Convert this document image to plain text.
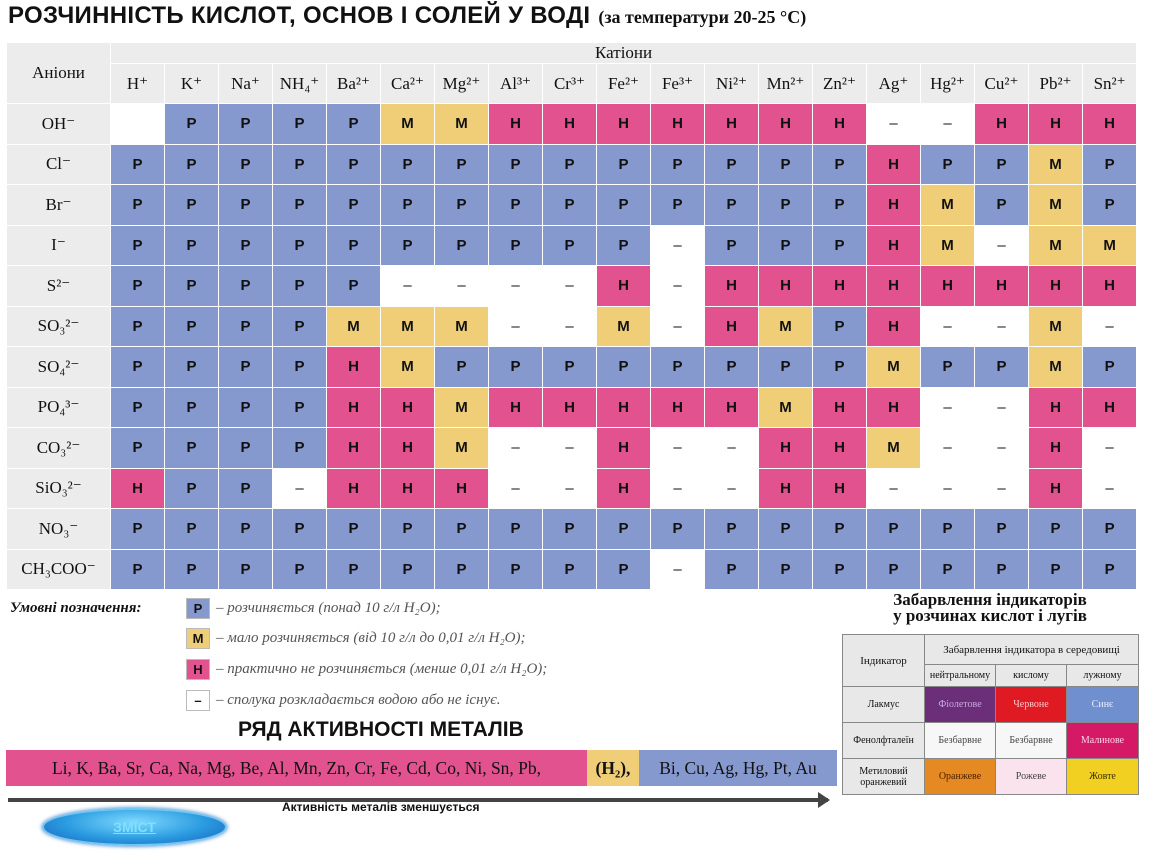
РОЗЧИННІСТЬ КИСЛОТ, ОСНОВ І СОЛЕЙ У ВОДІ (за температури 20-25 °С)
Аніони	Катіони																		
	H⁺	K⁺	Na⁺	NH₄⁺	Ba²⁺	Ca²⁺	Mg²⁺	Al³⁺	Cr³⁺	Fe²⁺	Fe³⁺	Ni²⁺	Mn²⁺	Zn²⁺	Ag⁺	Hg²⁺	Cu²⁺	Pb²⁺	Sn²⁺
OH⁻		Р	Р	Р	Р	М	М	Н	Н	Н	Н	Н	Н	Н	–	–	Н	Н	Н
Cl⁻	Р	Р	Р	Р	Р	Р	Р	Р	Р	Р	Р	Р	Р	Р	Н	Р	Р	М	Р
Br⁻	Р	Р	Р	Р	Р	Р	Р	Р	Р	Р	Р	Р	Р	Р	Н	М	Р	М	Р
I⁻	Р	Р	Р	Р	Р	Р	Р	Р	Р	Р	–	Р	Р	Р	Н	М	–	М	М
S²⁻	Р	Р	Р	Р	Р	–	–	–	–	Н	–	Н	Н	Н	Н	Н	Н	Н	Н
SO₃²⁻	Р	Р	Р	Р	М	М	М	–	–	М	–	Н	М	Р	Н	–	–	М	–
SO₄²⁻	Р	Р	Р	Р	Н	М	Р	Р	Р	Р	Р	Р	Р	Р	М	Р	Р	М	Р
PO₄³⁻	Р	Р	Р	Р	Н	Н	М	Н	Н	Н	Н	Н	М	Н	Н	–	–	Н	Н
CO₃²⁻	Р	Р	Р	Р	Н	Н	М	–	–	Н	–	–	Н	Н	М	–	–	Н	–
SiO₃²⁻	Н	Р	Р	–	Н	Н	Н	–	–	Н	–	–	Н	Н	–	–	–	Н	–
NO₃⁻	Р	Р	Р	Р	Р	Р	Р	Р	Р	Р	Р	Р	Р	Р	Р	Р	Р	Р	Р
CH₃COO⁻	Р	Р	Р	Р	Р	Р	Р	Р	Р	Р	–	Р	Р	Р	Р	Р	Р	Р	Р
Умовні позначення:	Р – розчиняється (понад 10 г/л H₂O);
М – мало розчиняється (від 10 г/л до 0,01 г/л H₂O);
Н – практично не розчиняється (менше 0,01 г/л H₂O);
– – сполука розкладається водою або не існує.
РЯД АКТИВНОСТІ МЕТАЛІВ
Li, K, Ba, Sr, Ca, Na, Mg, Be, Al, Mn, Zn, Cr, Fe, Cd, Co, Ni, Sn, Pb,	(H₂),	Bi, Cu, Ag, Hg, Pt, Au
Активність металів зменшується
ЗМІСТ
Забарвлення індикаторів
у розчинах кислот і лугів
Індикатор	Забарвлення індикатора в середовищі		
	нейтральному	кислому	лужному
Лакмус	Фіолетове	Червоне	Синє
Фенолфталеїн	Безбарвне	Безбарвне	Малинове
Метиловий оранжевий	Оранжеве	Рожеве	Жовте
